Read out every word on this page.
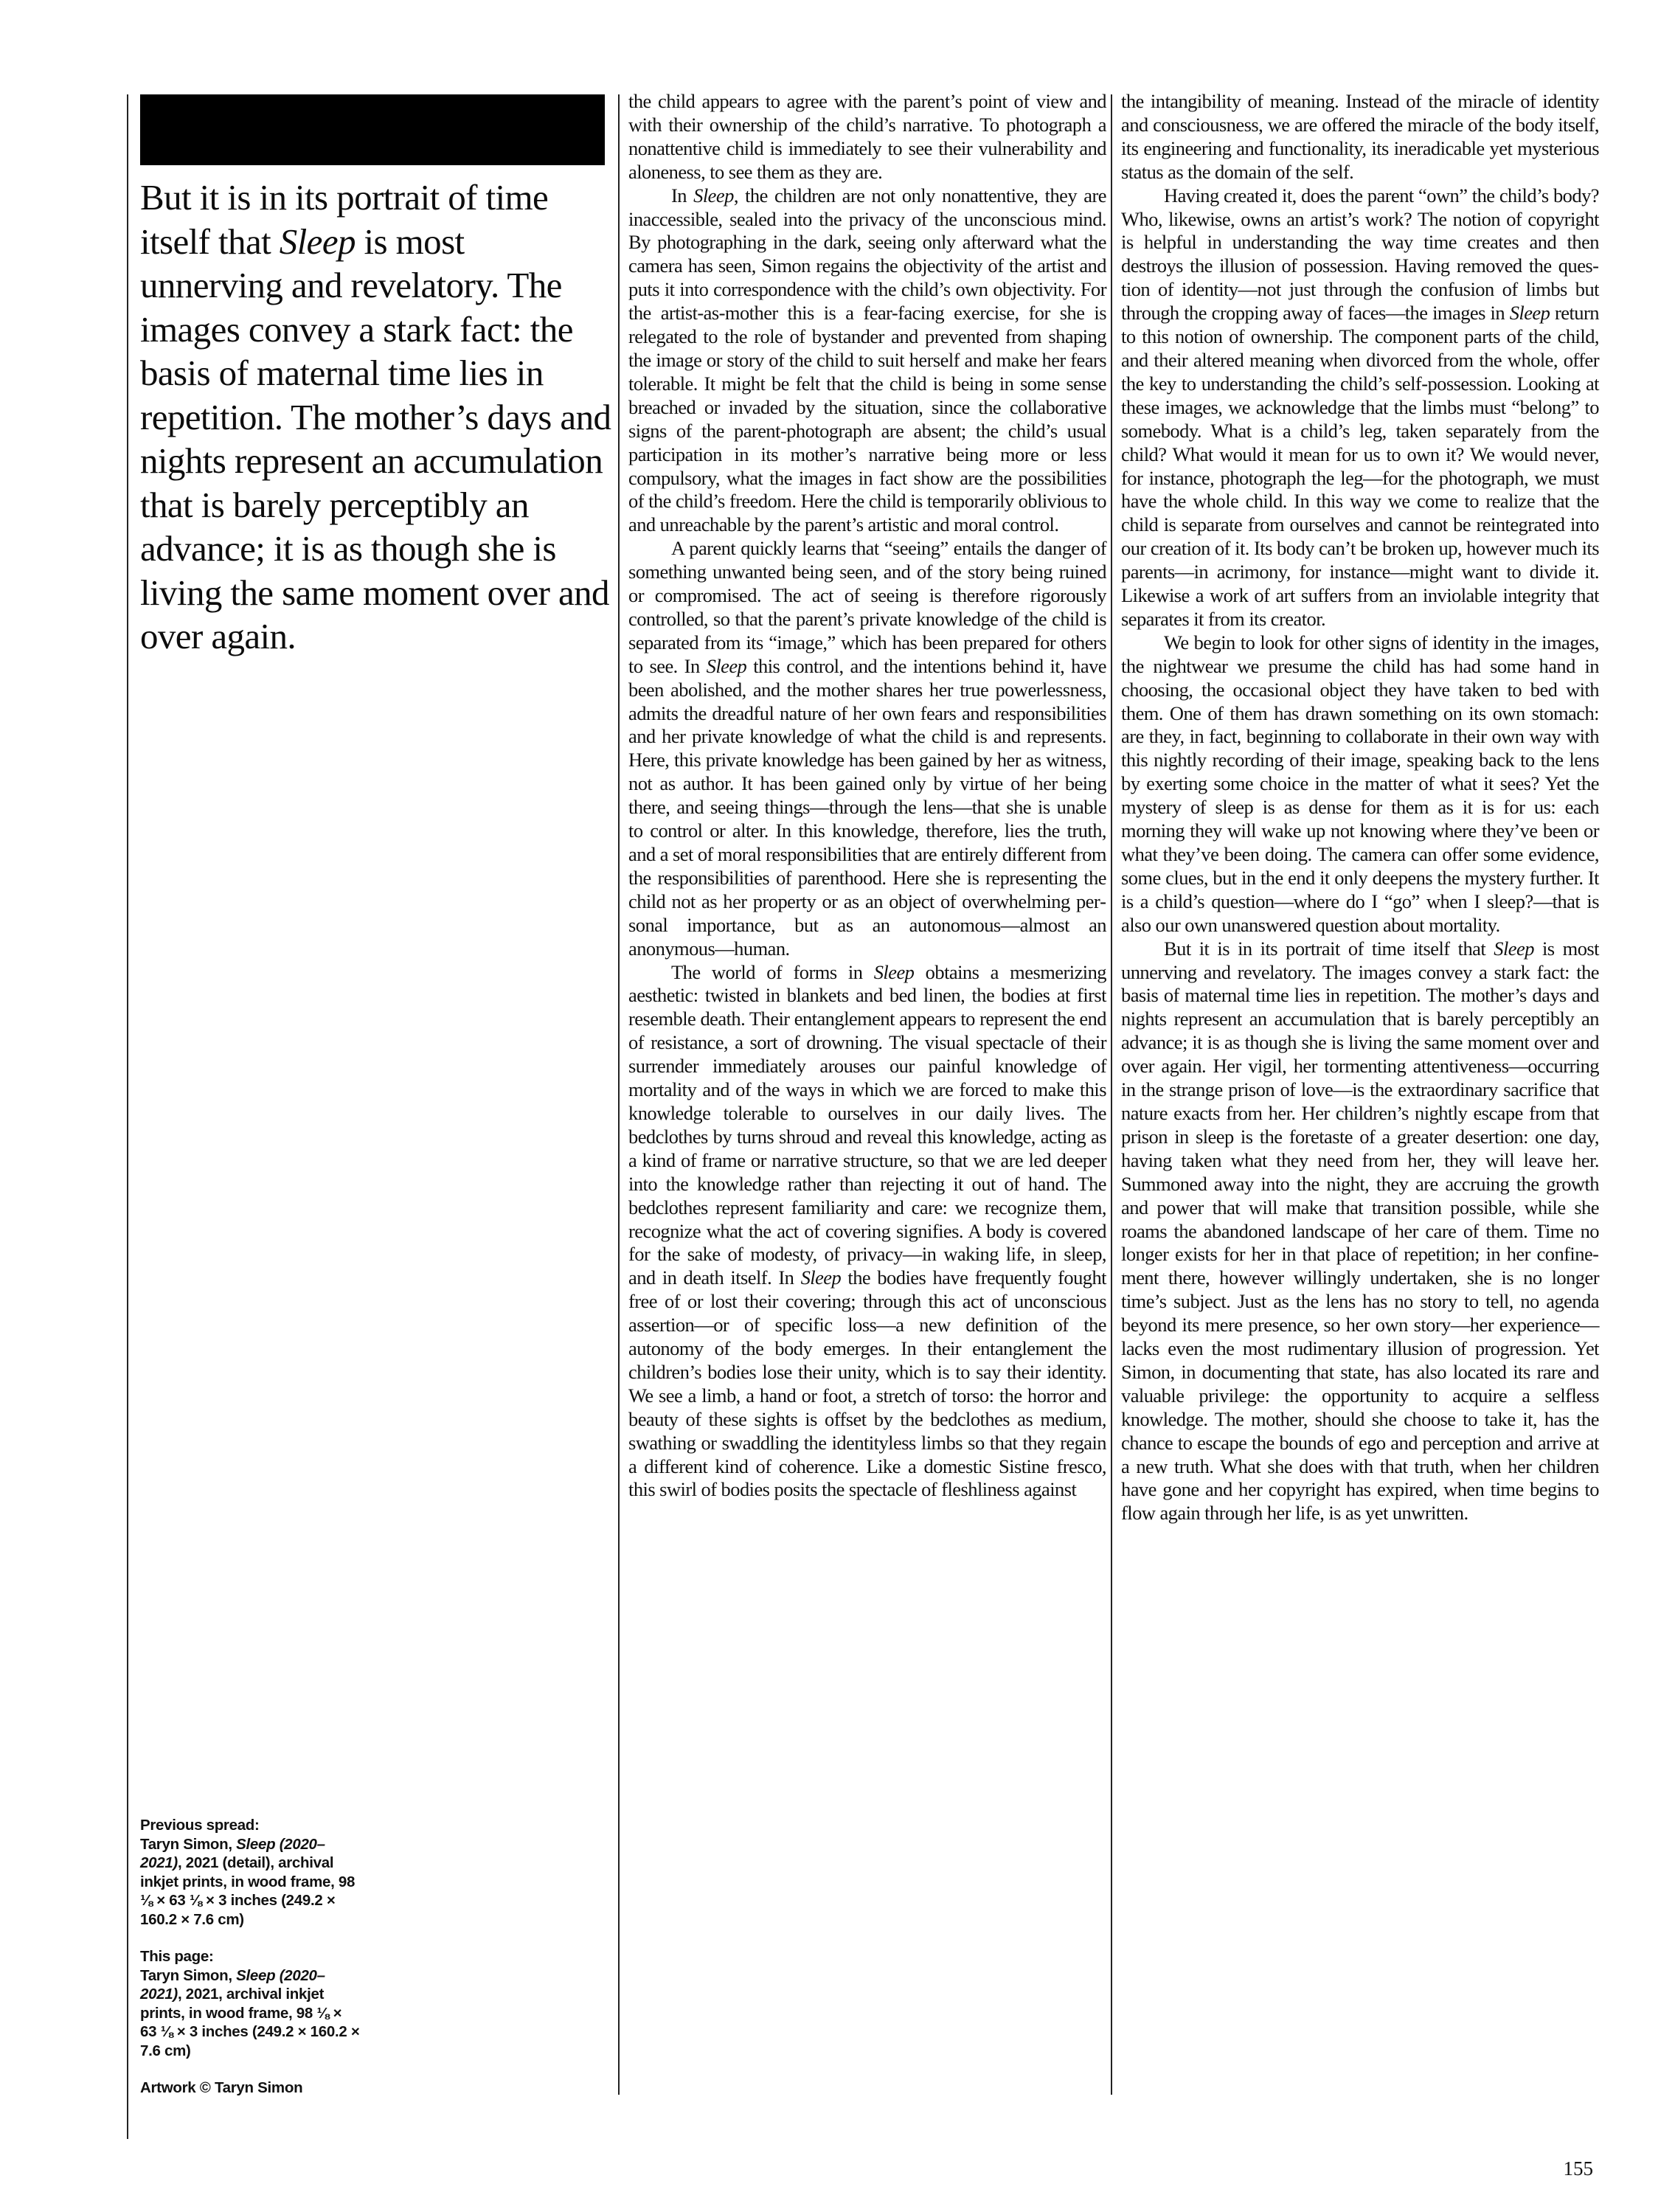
But it is in its portrait of time itself that Sleep is most unnerving and revelatory. The images convey a stark fact: the basis of maternal time lies in repetition. The mother’s days and nights represent an accumulation that is barely perceptibly an advance; it is as though she is living the same moment over and over again.
Previous spread:
Taryn Simon, Sleep (2020–2021), 2021 (detail), archival inkjet prints, in wood frame, 98 ⅛ × 63 ⅛ × 3 inches (249.2 × 160.2 × 7.6 cm)
This page:
Taryn Simon, Sleep (2020–2021), 2021, archival inkjet prints, in wood frame, 98 ⅛ × 63 ⅛ × 3 inches (249.2 × 160.2 × 7.6 cm)
Artwork © Taryn Simon

the child appears to agree with the parent’s point of view and with their ownership of the child’s narrative. To photograph a nonattentive child is immediately to see their vulnerability and aloneness, to see them as they are.

In Sleep, the children are not only nonattentive, they are inaccessible, sealed into the privacy of the unconscious mind. By photographing in the dark, seeing only afterward what the camera has seen, Simon regains the objectivity of the artist and puts it into correspondence with the child’s own objectivity. For the artist-as-mother this is a fear-facing exercise, for she is relegated to the role of bystander and prevented from shaping the image or story of the child to suit herself and make her fears tolerable. It might be felt that the child is being in some sense breached or invaded by the situation, since the collaborative signs of the parent-photograph are absent; the child’s usual participation in its mother’s narrative being more or less compulsory, what the images in fact show are the possibilities of the child’s freedom. Here the child is temporarily oblivious to and unreachable by the parent’s artistic and moral control.

A parent quickly learns that “seeing” entails the danger of something unwanted being seen, and of the story being ruined or compromised. The act of seeing is therefore rigorously controlled, so that the parent’s private knowledge of the child is separated from its “image,” which has been prepared for others to see. In Sleep this control, and the intentions behind it, have been abolished, and the mother shares her true powerlessness, admits the dreadful nature of her own fears and responsibilities and her private knowledge of what the child is and represents. Here, this private knowledge has been gained by her as witness, not as author. It has been gained only by virtue of her being there, and seeing things—through the lens—that she is unable to control or alter. In this knowledge, therefore, lies the truth, and a set of moral responsibilities that are entirely different from the responsibilities of parenthood. Here she is representing the child not as her property or as an object of overwhelming personal importance, but as an autonomous—almost an anonymous—human.

The world of forms in Sleep obtains a mesmerizing aesthetic: twisted in blankets and bed linen, the bodies at first resemble death. Their entanglement appears to represent the end of resistance, a sort of drowning. The visual spectacle of their surrender immediately arouses our painful knowledge of mortality and of the ways in which we are forced to make this knowledge tolerable to ourselves in our daily lives. The bedclothes by turns shroud and reveal this knowledge, acting as a kind of frame or narrative structure, so that we are led deeper into the knowledge rather than rejecting it out of hand. The bedclothes represent familiarity and care: we recognize them, recognize what the act of covering signifies. A body is covered for the sake of modesty, of privacy—in waking life, in sleep, and in death itself. In Sleep the bodies have frequently fought free of or lost their covering; through this act of unconscious assertion—or of specific loss—a new definition of the autonomy of the body emerges. In their entanglement the children’s bodies lose their unity, which is to say their identity. We see a limb, a hand or foot, a stretch of torso: the horror and beauty of these sights is offset by the bedclothes as medium, swathing or swaddling the identityless limbs so that they regain a different kind of coherence. Like a domestic Sistine fresco, this swirl of bodies posits the spectacle of fleshliness against

the intangibility of meaning. Instead of the miracle of identity and consciousness, we are offered the miracle of the body itself, its engineering and functionality, its ineradicable yet mysterious status as the domain of the self.

Having created it, does the parent “own” the child’s body? Who, likewise, owns an artist’s work? The notion of copyright is helpful in understanding the way time creates and then destroys the illusion of possession. Having removed the question of identity—not just through the confusion of limbs but through the cropping away of faces—the images in Sleep return to this notion of ownership. The component parts of the child, and their altered meaning when divorced from the whole, offer the key to understanding the child’s self-possession. Looking at these images, we acknowledge that the limbs must “belong” to somebody. What is a child’s leg, taken separately from the child? What would it mean for us to own it? We would never, for instance, photograph the leg—for the photograph, we must have the whole child. In this way we come to realize that the child is separate from ourselves and cannot be reintegrated into our creation of it. Its body can’t be broken up, however much its parents—in acrimony, for instance—might want to divide it. Likewise a work of art suffers from an inviolable integrity that separates it from its creator.

We begin to look for other signs of identity in the images, the nightwear we presume the child has had some hand in choosing, the occasional object they have taken to bed with them. One of them has drawn something on its own stomach: are they, in fact, beginning to collaborate in their own way with this nightly recording of their image, speaking back to the lens by exerting some choice in the matter of what it sees? Yet the mystery of sleep is as dense for them as it is for us: each morning they will wake up not knowing where they’ve been or what they’ve been doing. The camera can offer some evidence, some clues, but in the end it only deepens the mystery further. It is a child’s question—where do I “go” when I sleep?—that is also our own unanswered question about mortality.

But it is in its portrait of time itself that Sleep is most unnerving and revelatory. The images convey a stark fact: the basis of maternal time lies in repetition. The mother’s days and nights represent an accumulation that is barely perceptibly an advance; it is as though she is living the same moment over and over again. Her vigil, her tormenting attentiveness—occurring in the strange prison of love—is the extraordinary sacrifice that nature exacts from her. Her children’s nightly escape from that prison in sleep is the foretaste of a greater desertion: one day, having taken what they need from her, they will leave her. Summoned away into the night, they are accruing the growth and power that will make that transition possible, while she roams the abandoned landscape of her care of them. Time no longer exists for her in that place of repetition; in her confinement there, however willingly undertaken, she is no longer time’s subject. Just as the lens has no story to tell, no agenda beyond its mere presence, so her own story—her experience—lacks even the most rudimentary illusion of progression. Yet Simon, in documenting that state, has also located its rare and valuable privilege: the opportunity to acquire a selfless knowledge. The mother, should she choose to take it, has the chance to escape the bounds of ego and perception and arrive at a new truth. What she does with that truth, when her children have gone and her copyright has expired, when time begins to flow again through her life, is as yet unwritten.

155
